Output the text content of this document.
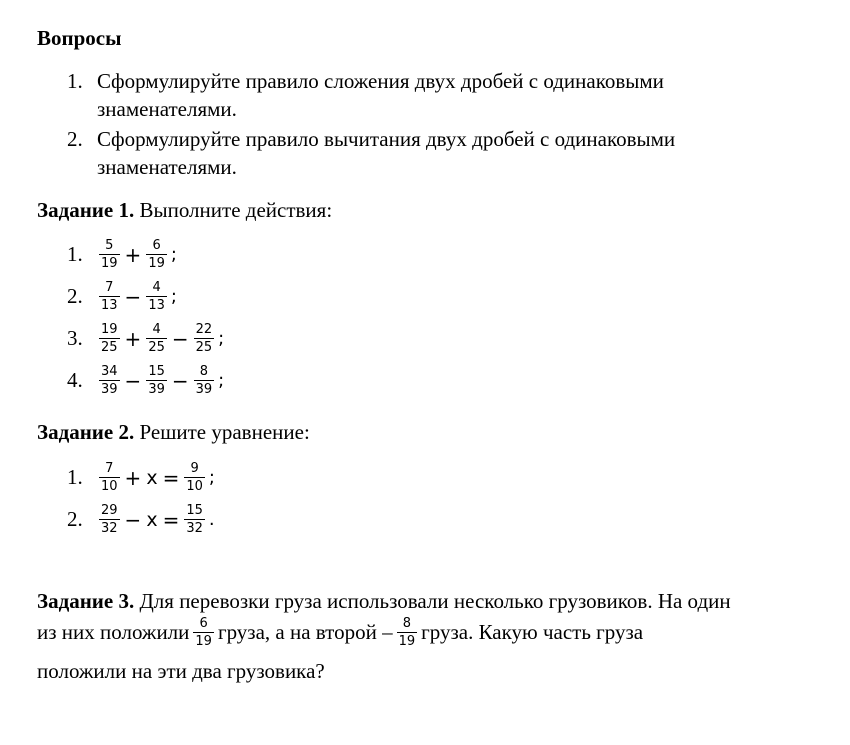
Вопросы
1. Сформулируйте правило сложения двух дробей с одинаковыми
знаменателями.
2. Сформулируйте правило вычитания двух дробей с одинаковыми
знаменателями.
Задание 1. Выполните действия:
1.	$\frac{5}{19} + \frac{6}{19}$ ;
2.	$\frac{7}{13} - \frac{4}{13}$ ;
3.	$\frac{19}{25} + \frac{4}{25} - \frac{22}{25}$ ;
4.	$\frac{34}{39} - \frac{15}{39} - \frac{8}{39}$ ;
Задание 2. Решите уравнение:
1.	$\frac{7}{10} + x = \frac{9}{10}$ ;
2.	$\frac{29}{32} - x = \frac{15}{32}$ .
Задание 3. Для перевозки груза использовали несколько грузовиков. На один
из них положили $\frac{6}{19}$ груза, а на второй – $\frac{8}{19}$ груза. Какую часть груза
положили на эти два грузовика?
